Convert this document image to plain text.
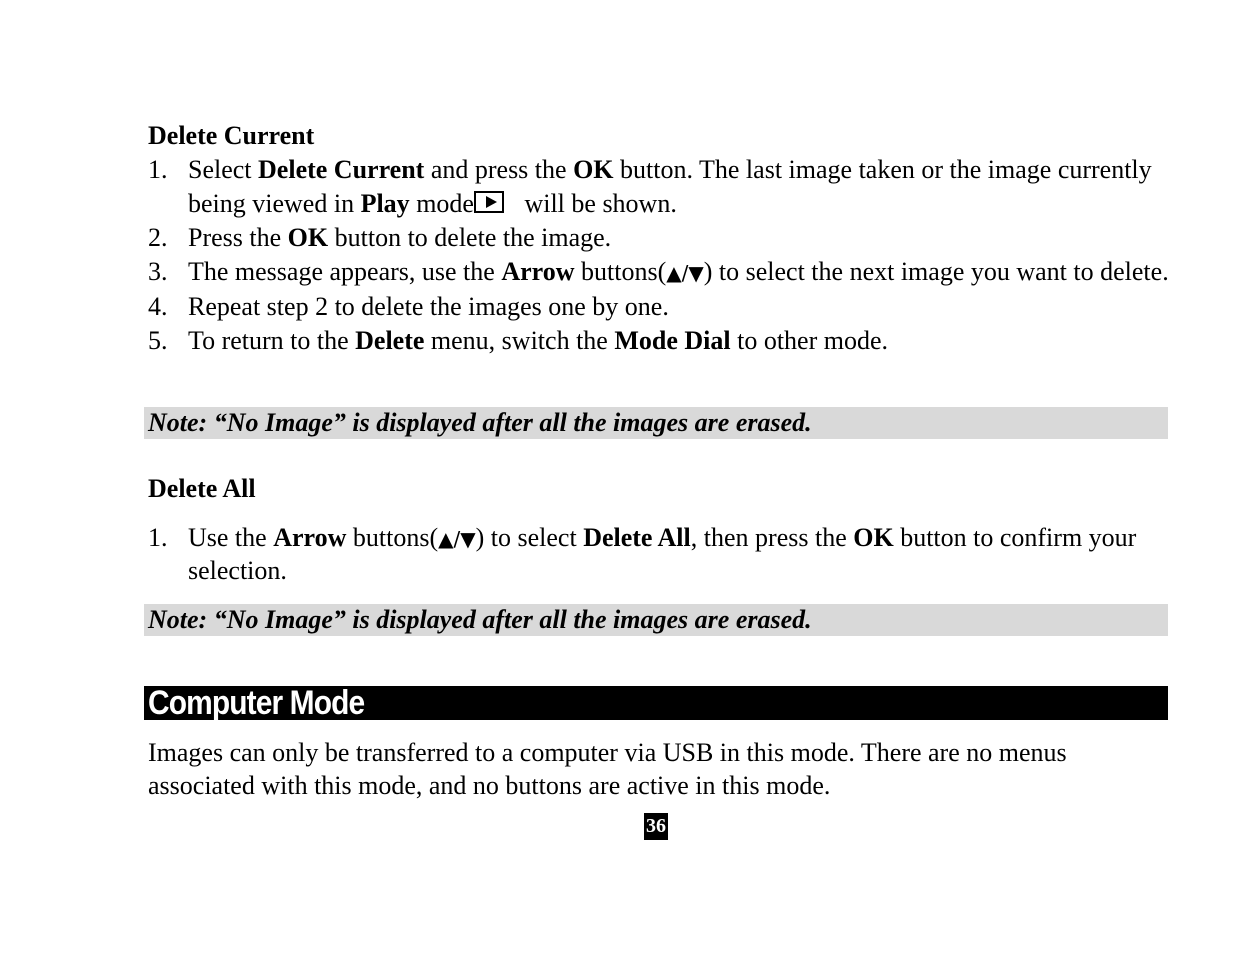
Delete Current
1. Select Delete Current and press the OK button. The last image taken or the image currently being viewed in Play mode will be shown.
2. Press the OK button to delete the image.
3. The message appears, use the Arrow buttons(▲/▼) to select the next image you want to delete.
4. Repeat step 2 to delete the images one by one.
5. To return to the Delete menu, switch the Mode Dial to other mode.
Note: “No Image” is displayed after all the images are erased.
Delete All
1. Use the Arrow buttons(▲/▼) to select Delete All, then press the OK button to confirm your selection.
Note: “No Image” is displayed after all the images are erased.
Computer Mode
Images can only be transferred to a computer via USB in this mode. There are no menus associated with this mode, and no buttons are active in this mode.
36
